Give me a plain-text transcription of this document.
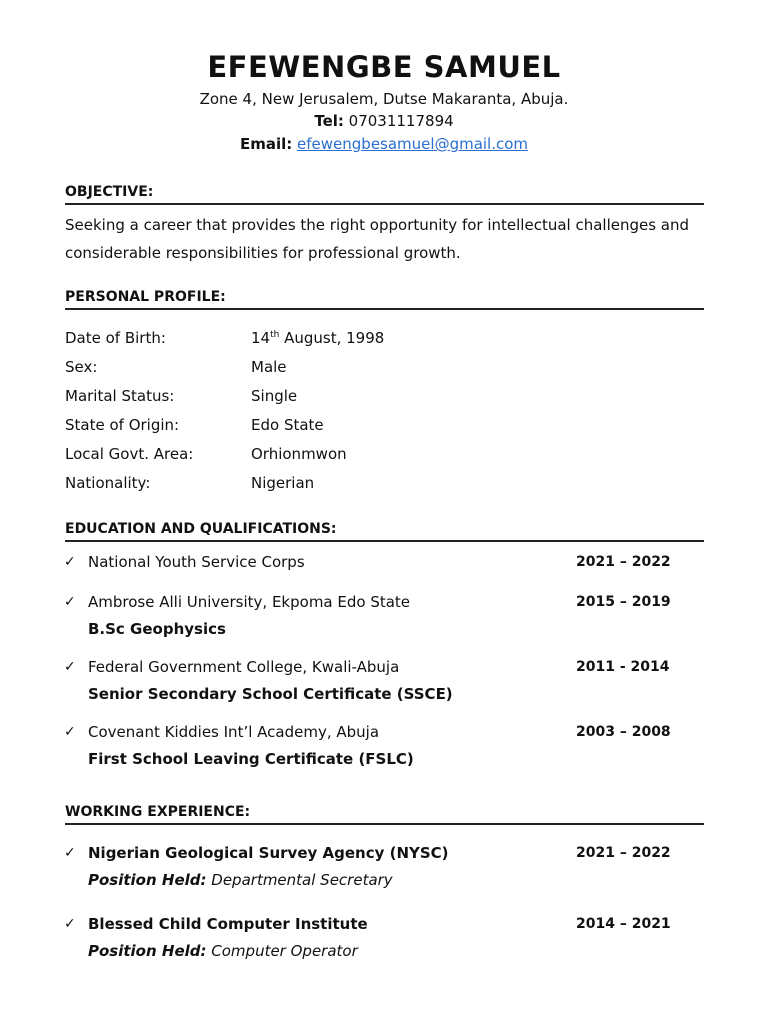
EFEWENGBE SAMUEL
Zone 4, New Jerusalem, Dutse Makaranta, Abuja.
Tel: 07031117894
Email: efewengbesamuel@gmail.com
OBJECTIVE:
Seeking a career that provides the right opportunity for intellectual challenges and considerable responsibilities for professional growth.
PERSONAL PROFILE:
Date of Birth:	14th August, 1998
Sex:	Male
Marital Status:	Single
State of Origin:	Edo State
Local Govt. Area:	Orhionmwon
Nationality:	Nigerian
EDUCATION AND QUALIFICATIONS:
✓ National Youth Service Corps	2021 – 2022
✓ Ambrose Alli University, Ekpoma Edo State	2015 – 2019
B.Sc Geophysics
✓ Federal Government College, Kwali-Abuja	2011 - 2014
Senior Secondary School Certificate (SSCE)
✓ Covenant Kiddies Int’l Academy, Abuja	2003 – 2008
First School Leaving Certificate (FSLC)
WORKING EXPERIENCE:
✓ Nigerian Geological Survey Agency (NYSC)	2021 – 2022
Position Held: Departmental Secretary
✓ Blessed Child Computer Institute	2014 – 2021
Position Held: Computer Operator
